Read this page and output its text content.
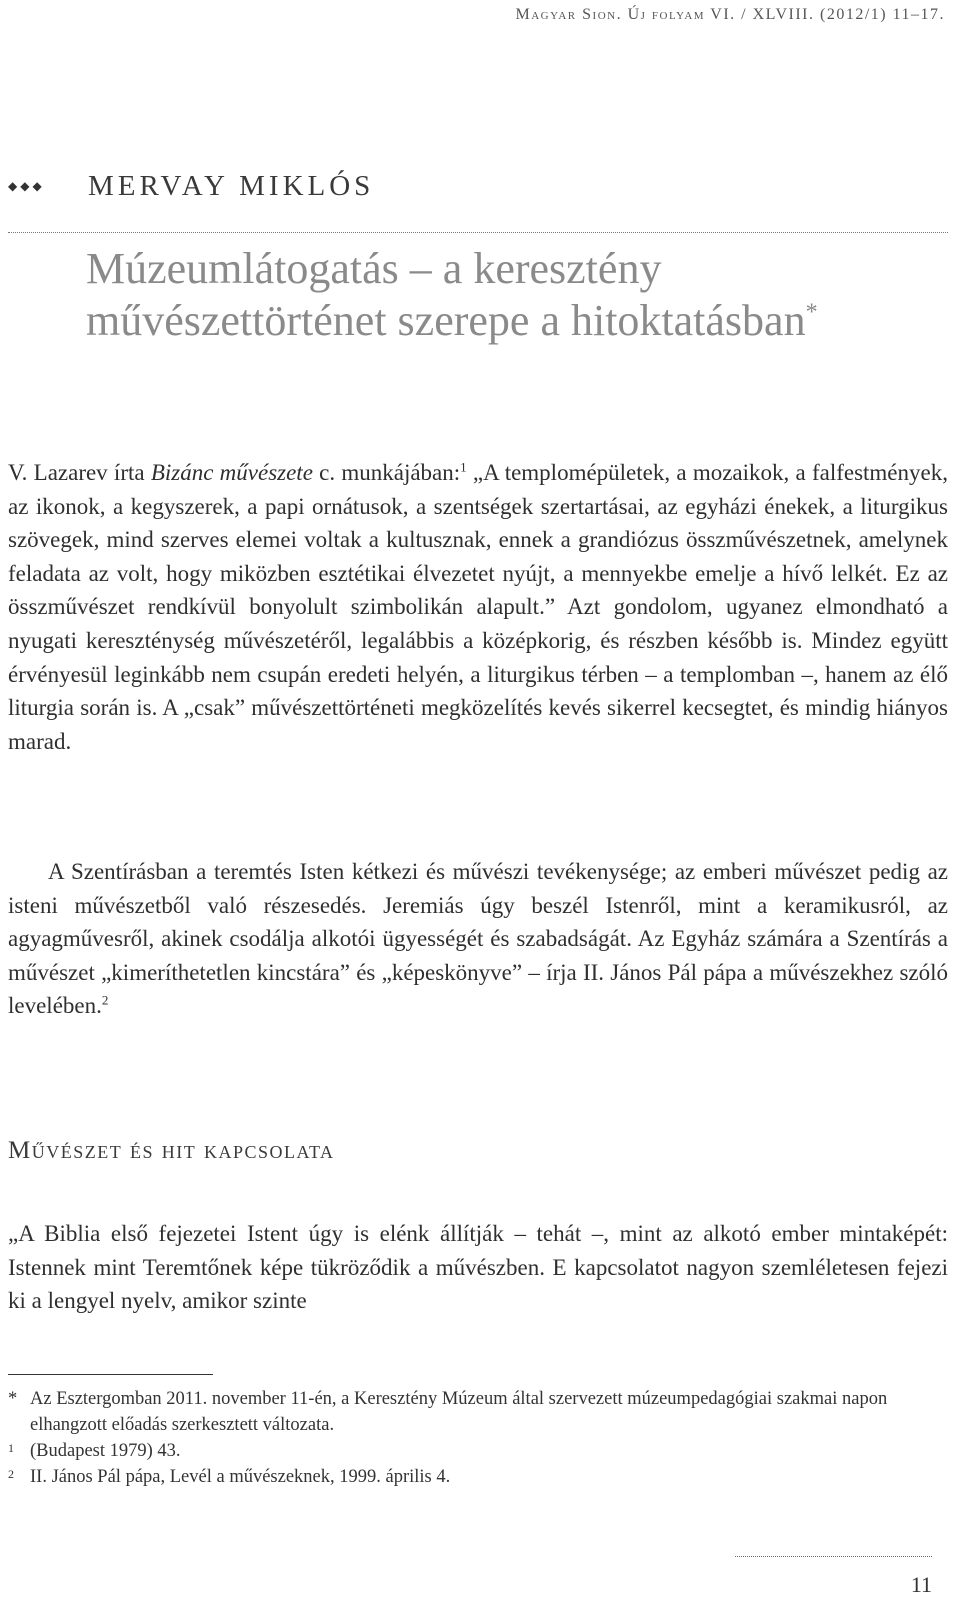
Magyar Sion. Új folyam VI. / XLVIII. (2012/1) 11–17.
◆◆◆ MERVAY MIKLÓS
Múzeumlátogatás – a keresztény művészettörténet szerepe a hitoktatásban*

V. Lazarev írta Bizánc művészete c. munkájában:$^1$ „A templomépületek, a mozaikok, a falfestmények, az ikonok, a kegyszerek, a papi ornátusok, a szentségek szertartásai, az egyházi énekek, a liturgikus szövegek, mind szerves elemei voltak a kultusznak, ennek a grandiózus összművészetnek, amelynek feladata az volt, hogy miközben esztétikai élvezetet nyújt, a mennyekbe emelje a hívő lelkét. Ez az összművészet rendkívül bonyolult szimbolikán alapult.” Azt gondolom, ugyanez elmondható a nyugati kereszténység művészetéről, legalábbis a középkorig, és részben később is. Mindez együtt érvényesül leginkább nem csupán eredeti helyén, a liturgikus térben – a templomban –, hanem az élő liturgia során is. A „csak” művészettörténeti megközelítés kevés sikerrel kecsegtet, és mindig hiányos marad.

A Szentírásban a teremtés Isten kétkezi és művészi tevékenysége; az emberi művészet pedig az isteni művészetből való részesedés. Jeremiás úgy beszél Istenről, mint a keramikusról, az agyagművesről, akinek csodálja alkotói ügyességét és szabadságát. Az Egyház számára a Szentírás a művészet „kimeríthetetlen kincstára” és „képeskönyve” – írja II. János Pál pápa a művészekhez szóló levelében.$^2$

Művészet és hit kapcsolata

„A Biblia első fejezetei Istent úgy is elénk állítják – tehát –, mint az alkotó ember mintaképét: Istennek mint Teremtőnek képe tükröződik a művészben. E kapcsolatot nagyon szemléletesen fejezi ki a lengyel nyelv, amikor szinte

* Az Esztergomban 2011. november 11-én, a Keresztény Múzeum által szervezett múzeumpedagógiai szakmai napon elhangzott előadás szerkesztett változata.
1 (Budapest 1979) 43.
2 II. János Pál pápa, Levél a művészeknek, 1999. április 4.
11
